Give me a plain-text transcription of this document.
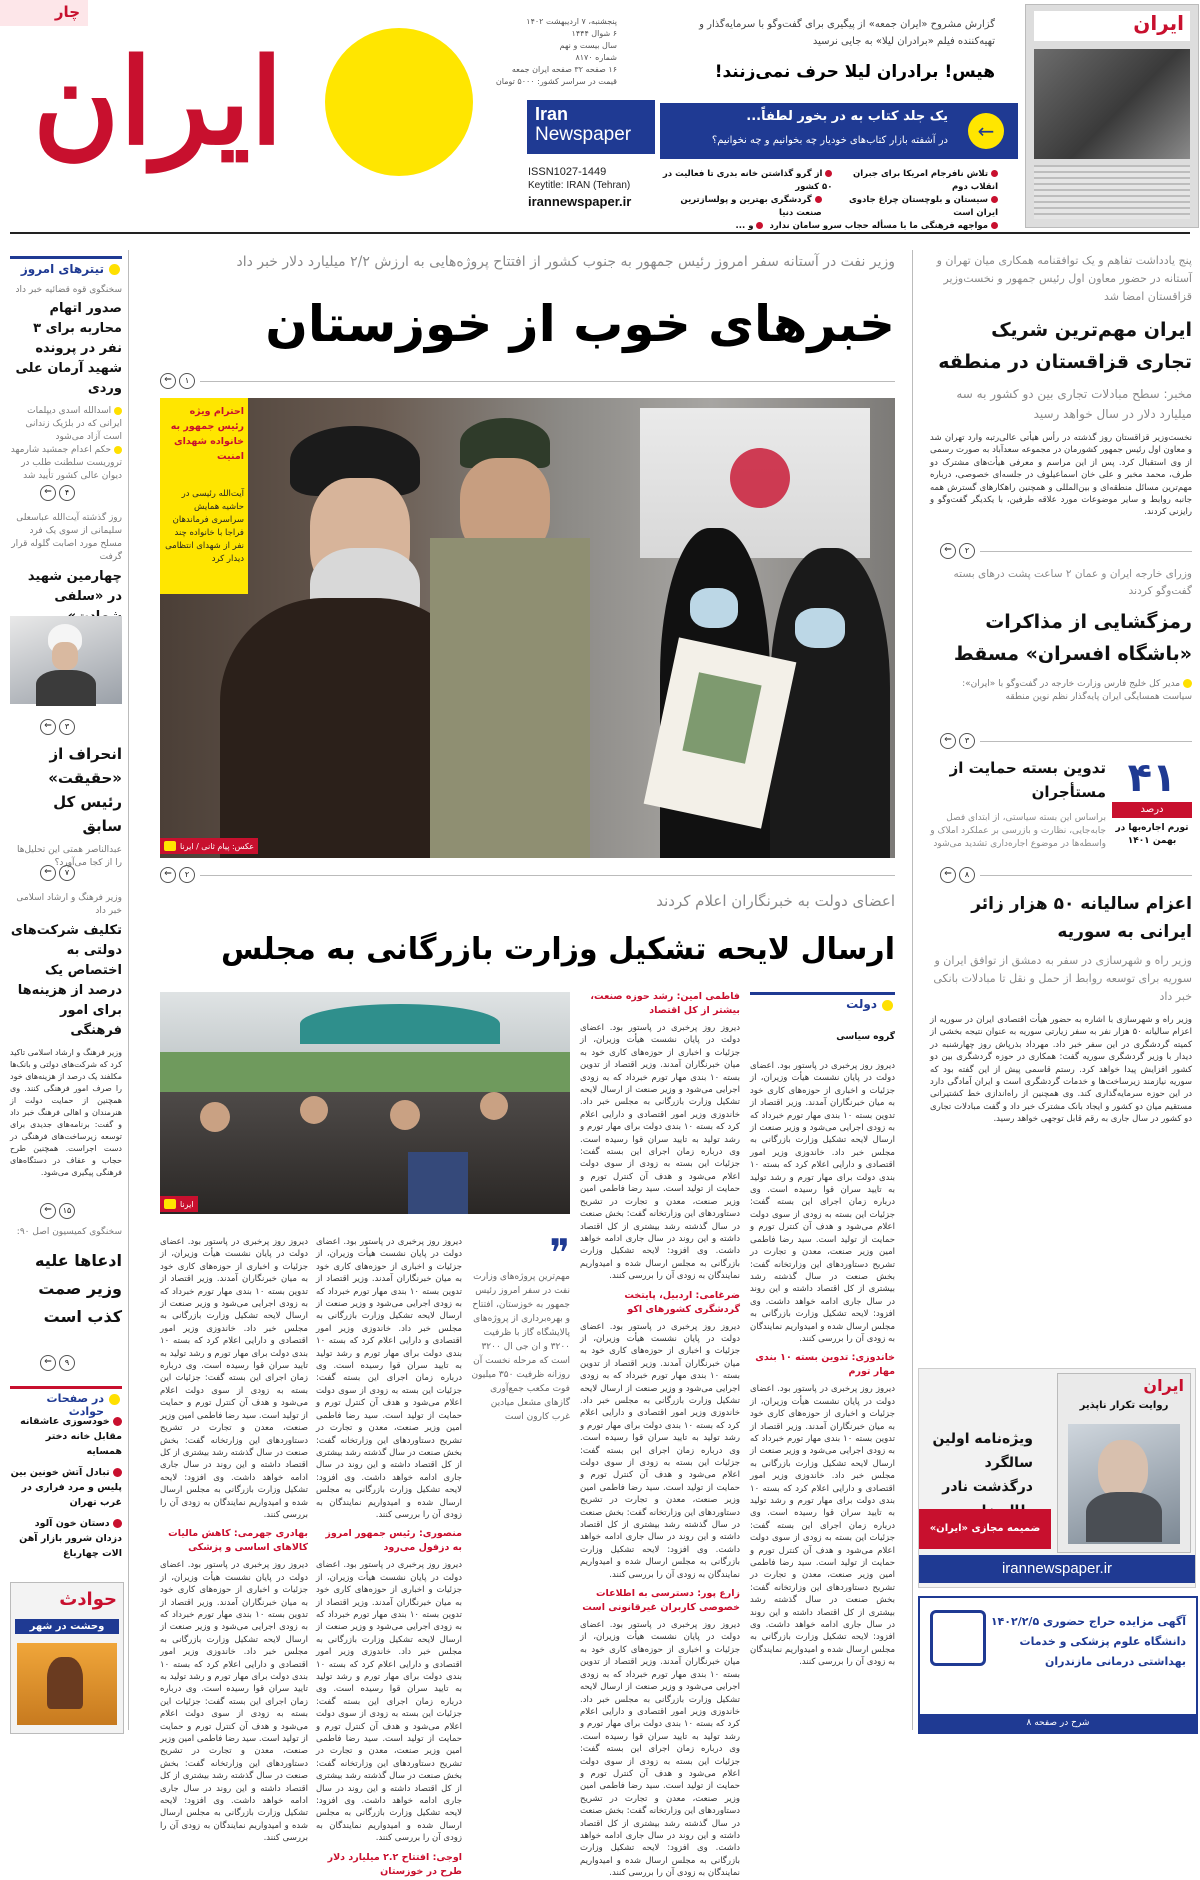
چار
ایران
پنجشنبه، ۷ اردیبهشت ۱۴۰۲
۶ شوال ۱۴۴۴
سال بیست و نهم
شماره ۸۱۷۰
۱۶ صفحه ۳۲ صفحه ایران جمعه
قیمت در سراسر کشور: ۵۰۰۰ تومان
Iran
Newspaper
ISSN1027-1449
Keytitle: IRAN (Tehran)
irannewspaper.ir
گزارش مشروح «ایران جمعه» از پیگیری برای گفت‌وگو با سرمایه‌گذار و تهیه‌کننده فیلم «برادران لیلا» به جایی نرسید
هیس! برادران لیلا حرف نمی‌زنند!
یک جلد کتاب به در بخور لطفاً...
در آشفته بازار کتاب‌های خودیار چه بخوانیم و چه نخوانیم؟	←
تلاش نافرجام امریکا برای جبران انقلاب دوم
از گرو گذاشتن خانه بدری تا فعالیت در ۵۰ کشور
سیستان و بلوچستان چراغ جادوی ایران است
گردشگری بهترین و پولسازترین صنعت دنیا
مواجهه فرهنگی ما با مسأله حجاب سرو سامان ندارد
و ...
ایران
تیترهای امروز
سخنگوی قوه قضائیه خبر داد
صدور اتهام محاربه برای ۳ نفر در پرونده شهید آرمان علی وردی
اسدالله اسدی دیپلمات ایرانی که در بلژیک زندانی است آزاد می‌شود
حکم اعدام جمشید شارمهد تروریست سلطنت طلب در دیوان عالی کشور تأیید شد
⇐	۴
روز گذشته آیت‌الله عباسعلی سلیمانی از سوی یک فرد مسلح مورد اصابت گلوله قرار گرفت
چهارمین شهید در «سلفی
⇐	۳
انحراف از «حقیقت» رئیس کل سابق
عبدالناصر همتی این تحلیل‌ها را از کجا می‌آورد؟
⇐	۷
وزیر فرهنگ و ارشاد اسلامی خبر داد
تکلیف شرکت‌های دولتی به اختصاص یک درصد از هزینه‌ها برای امور فرهنگی
وزیر فرهنگ و ارشاد اسلامی تاکید کرد که شرکت‌های دولتی و بانک‌ها مکلفند یک درصد از هزینه‌های خود را صرف امور فرهنگی کنند. وی همچنین از حمایت دولت از هنرمندان و اهالی فرهنگ خبر داد و گفت: برنامه‌های جدیدی برای توسعه زیرساخت‌های فرهنگی در دست اجراست. همچنین طرح حجاب و عفاف در دستگاه‌های فرهنگی پیگیری می‌شود.
⇐	۱۵
سخنگوی کمیسیون اصل ۹۰:
ادعاها علیه وزیر صمت کذب است
⇐	۹
در صفحات حوادث
خودسوزی عاشقانه مقابل خانه دختر همسایه
تبادل آتش خونین بین پلیس و مرد فراری در غرب تهران
دستان خون آلود دزدان شرور بازار آهن الات چهارباغ
حوادث
وحشت در شهر
وزیر نفت در آستانه سفر امروز رئیس جمهور به جنوب کشور از افتتاح پروژه‌هایی به ارزش ۲/۲ میلیارد دلار خبر داد
خبرهای خوب از خوزستان
⇐	۱
احترام ویژه رئیس جمهور به خانواده شهدای امنیت
آیت‌الله رئیسی در حاشیه همایش سراسری فرماندهان فراجا با خانواده چند نفر از شهدای انتظامی دیدار کرد
عکس: پیام ثانی / ایرنا
⇐	۲
اعضای دولت به خبرنگاران اعلام کردند
ارسال لایحه تشکیل وزارت بازرگانی به مجلس
ایرنا
دولت
گروه سیاسی
فاطمی امین: رشد حوزه صنعت، بیشتر از کل اقتصاد
دیروز روز پرخبری در پاستور بود. اعضای دولت در پایان نشست هیأت وزیران، از جزئیات و اخباری از حوزه‌های کاری خود به میان خبرنگاران آمدند. وزیر اقتصاد از تدوین بسته ۱۰ بندی مهار تورم خبرداد که به زودی اجرایی می‌شود و وزیر صنعت از ارسال لایحه تشکیل وزارت بازرگانی به مجلس خبر داد. خاندوزی وزیر امور اقتصادی و دارایی اعلام کرد که بسته ۱۰ بندی دولت برای مهار تورم و رشد تولید به تایید سران قوا رسیده است. وی درباره زمان اجرای این بسته گفت: جزئیات این بسته به زودی از سوی دولت اعلام می‌شود و هدف آن کنترل تورم و حمایت از تولید است. سید رضا فاطمی امین وزیر صنعت، معدن و تجارت در تشریح دستاوردهای این وزارتخانه گفت: بخش صنعت در سال گذشته رشد بیشتری از کل اقتصاد داشته و این روند در سال جاری ادامه خواهد داشت. وی افزود: لایحه تشکیل وزارت بازرگانی به مجلس ارسال شده و امیدواریم نمایندگان به زودی آن را بررسی کنند.
ضرغامی: اردبیل، پایتخت گردشگری کشورهای اکو
دیروز روز پرخبری در پاستور بود. اعضای دولت در پایان نشست هیأت وزیران، از جزئیات و اخباری از حوزه‌های کاری خود به میان خبرنگاران آمدند. وزیر اقتصاد از تدوین بسته ۱۰ بندی مهار تورم خبرداد که به زودی اجرایی می‌شود و وزیر صنعت از ارسال لایحه تشکیل وزارت بازرگانی به مجلس خبر داد. خاندوزی وزیر امور اقتصادی و دارایی اعلام کرد که بسته ۱۰ بندی دولت برای مهار تورم و رشد تولید به تایید سران قوا رسیده است. وی درباره زمان اجرای این بسته گفت: جزئیات این بسته به زودی از سوی دولت اعلام می‌شود و هدف آن کنترل تورم و حمایت از تولید است. سید رضا فاطمی امین وزیر صنعت، معدن و تجارت در تشریح دستاوردهای این وزارتخانه گفت: بخش صنعت در سال گذشته رشد بیشتری از کل اقتصاد داشته و این روند در سال جاری ادامه خواهد داشت. وی افزود: لایحه تشکیل وزارت بازرگانی به مجلس ارسال شده و امیدواریم نمایندگان به زودی آن را بررسی کنند.
زارع پور: دسترسی به اطلاعات خصوصی کاربران غیرقانونی است
دیروز روز پرخبری در پاستور بود. اعضای دولت در پایان نشست هیأت وزیران، از جزئیات و اخباری از حوزه‌های کاری خود به میان خبرنگاران آمدند. وزیر اقتصاد از تدوین بسته ۱۰ بندی مهار تورم خبرداد که به زودی اجرایی می‌شود و وزیر صنعت از ارسال لایحه تشکیل وزارت بازرگانی به مجلس خبر داد. خاندوزی وزیر امور اقتصادی و دارایی اعلام کرد که بسته ۱۰ بندی دولت برای مهار تورم و رشد تولید به تایید سران قوا رسیده است. وی درباره زمان اجرای این بسته گفت: جزئیات این بسته به زودی از سوی دولت اعلام می‌شود و هدف آن کنترل تورم و حمایت از تولید است. سید رضا فاطمی امین وزیر صنعت، معدن و تجارت در تشریح دستاوردهای این وزارتخانه گفت: بخش صنعت در سال گذشته رشد بیشتری از کل اقتصاد داشته و این روند در سال جاری ادامه خواهد داشت. وی افزود: لایحه تشکیل وزارت بازرگانی به مجلس ارسال شده و امیدواریم نمایندگان به زودی آن را بررسی کنند.
دیروز روز پرخبری در پاستور بود. اعضای دولت در پایان نشست هیأت وزیران، از جزئیات و اخباری از حوزه‌های کاری خود به میان خبرنگاران آمدند. وزیر اقتصاد از تدوین بسته ۱۰ بندی مهار تورم خبرداد که به زودی اجرایی می‌شود و وزیر صنعت از ارسال لایحه تشکیل وزارت بازرگانی به مجلس خبر داد. خاندوزی وزیر امور اقتصادی و دارایی اعلام کرد که بسته ۱۰ بندی دولت برای مهار تورم و رشد تولید به تایید سران قوا رسیده است. وی درباره زمان اجرای این بسته گفت: جزئیات این بسته به زودی از سوی دولت اعلام می‌شود و هدف آن کنترل تورم و حمایت از تولید است. سید رضا فاطمی امین وزیر صنعت، معدن و تجارت در تشریح دستاوردهای این وزارتخانه گفت: بخش صنعت در سال گذشته رشد بیشتری از کل اقتصاد داشته و این روند در سال جاری ادامه خواهد داشت. وی افزود: لایحه تشکیل وزارت بازرگانی به مجلس ارسال شده و امیدواریم نمایندگان به زودی آن را بررسی کنند.
خاندوزی: تدوین بسته ۱۰ بندی مهار تورم
دیروز روز پرخبری در پاستور بود. اعضای دولت در پایان نشست هیأت وزیران، از جزئیات و اخباری از حوزه‌های کاری خود به میان خبرنگاران آمدند. وزیر اقتصاد از تدوین بسته ۱۰ بندی مهار تورم خبرداد که به زودی اجرایی می‌شود و وزیر صنعت از ارسال لایحه تشکیل وزارت بازرگانی به مجلس خبر داد. خاندوزی وزیر امور اقتصادی و دارایی اعلام کرد که بسته ۱۰ بندی دولت برای مهار تورم و رشد تولید به تایید سران قوا رسیده است. وی درباره زمان اجرای این بسته گفت: جزئیات این بسته به زودی از سوی دولت اعلام می‌شود و هدف آن کنترل تورم و حمایت از تولید است. سید رضا فاطمی امین وزیر صنعت، معدن و تجارت در تشریح دستاوردهای این وزارتخانه گفت: بخش صنعت در سال گذشته رشد بیشتری از کل اقتصاد داشته و این روند در سال جاری ادامه خواهد داشت. وی افزود: لایحه تشکیل وزارت بازرگانی به مجلس ارسال شده و امیدواریم نمایندگان به زودی آن را بررسی کنند.
❞
مهم‌ترین پروژه‌های وزارت نفت در سفر امروز رئیس جمهور به خوزستان، افتتاح و بهره‌برداری از پروژه‌های پالایشگاه گاز با ظرفیت ۳۲۰۰ و ان جی ال ۳۲۰۰ است که مرحله نخست آن روزانه ظرفیت ۳۵۰ میلیون فوت مکعب جمع‌آوری گازهای مشعل میادین غرب کارون است
دیروز روز پرخبری در پاستور بود. اعضای دولت در پایان نشست هیأت وزیران، از جزئیات و اخباری از حوزه‌های کاری خود به میان خبرنگاران آمدند. وزیر اقتصاد از تدوین بسته ۱۰ بندی مهار تورم خبرداد که به زودی اجرایی می‌شود و وزیر صنعت از ارسال لایحه تشکیل وزارت بازرگانی به مجلس خبر داد. خاندوزی وزیر امور اقتصادی و دارایی اعلام کرد که بسته ۱۰ بندی دولت برای مهار تورم و رشد تولید به تایید سران قوا رسیده است. وی درباره زمان اجرای این بسته گفت: جزئیات این بسته به زودی از سوی دولت اعلام می‌شود و هدف آن کنترل تورم و حمایت از تولید است. سید رضا فاطمی امین وزیر صنعت، معدن و تجارت در تشریح دستاوردهای این وزارتخانه گفت: بخش صنعت در سال گذشته رشد بیشتری از کل اقتصاد داشته و این روند در سال جاری ادامه خواهد داشت. وی افزود: لایحه تشکیل وزارت بازرگانی به مجلس ارسال شده و امیدواریم نمایندگان به زودی آن را بررسی کنند.
بهادری جهرمی: کاهش مالیات کالاهای اساسی و پزشکی
دیروز روز پرخبری در پاستور بود. اعضای دولت در پایان نشست هیأت وزیران، از جزئیات و اخباری از حوزه‌های کاری خود به میان خبرنگاران آمدند. وزیر اقتصاد از تدوین بسته ۱۰ بندی مهار تورم خبرداد که به زودی اجرایی می‌شود و وزیر صنعت از ارسال لایحه تشکیل وزارت بازرگانی به مجلس خبر داد. خاندوزی وزیر امور اقتصادی و دارایی اعلام کرد که بسته ۱۰ بندی دولت برای مهار تورم و رشد تولید به تایید سران قوا رسیده است. وی درباره زمان اجرای این بسته گفت: جزئیات این بسته به زودی از سوی دولت اعلام می‌شود و هدف آن کنترل تورم و حمایت از تولید است. سید رضا فاطمی امین وزیر صنعت، معدن و تجارت در تشریح دستاوردهای این وزارتخانه گفت: بخش صنعت در سال گذشته رشد بیشتری از کل اقتصاد داشته و این روند در سال جاری ادامه خواهد داشت. وی افزود: لایحه تشکیل وزارت بازرگانی به مجلس ارسال شده و امیدواریم نمایندگان به زودی آن را بررسی کنند.
دیروز روز پرخبری در پاستور بود. اعضای دولت در پایان نشست هیأت وزیران، از جزئیات و اخباری از حوزه‌های کاری خود به میان خبرنگاران آمدند. وزیر اقتصاد از تدوین بسته ۱۰ بندی مهار تورم خبرداد که به زودی اجرایی می‌شود و وزیر صنعت از ارسال لایحه تشکیل وزارت بازرگانی به مجلس خبر داد. خاندوزی وزیر امور اقتصادی و دارایی اعلام کرد که بسته ۱۰ بندی دولت برای مهار تورم و رشد تولید به تایید سران قوا رسیده است. وی درباره زمان اجرای این بسته گفت: جزئیات این بسته به زودی از سوی دولت اعلام می‌شود و هدف آن کنترل تورم و حمایت از تولید است. سید رضا فاطمی امین وزیر صنعت، معدن و تجارت در تشریح دستاوردهای این وزارتخانه گفت: بخش صنعت در سال گذشته رشد بیشتری از کل اقتصاد داشته و این روند در سال جاری ادامه خواهد داشت. وی افزود: لایحه تشکیل وزارت بازرگانی به مجلس ارسال شده و امیدواریم نمایندگان به زودی آن را بررسی کنند.
منصوری: رئیس جمهور امروز به دزفول می‌رود
دیروز روز پرخبری در پاستور بود. اعضای دولت در پایان نشست هیأت وزیران، از جزئیات و اخباری از حوزه‌های کاری خود به میان خبرنگاران آمدند. وزیر اقتصاد از تدوین بسته ۱۰ بندی مهار تورم خبرداد که به زودی اجرایی می‌شود و وزیر صنعت از ارسال لایحه تشکیل وزارت بازرگانی به مجلس خبر داد. خاندوزی وزیر امور اقتصادی و دارایی اعلام کرد که بسته ۱۰ بندی دولت برای مهار تورم و رشد تولید به تایید سران قوا رسیده است. وی درباره زمان اجرای این بسته گفت: جزئیات این بسته به زودی از سوی دولت اعلام می‌شود و هدف آن کنترل تورم و حمایت از تولید است. سید رضا فاطمی امین وزیر صنعت، معدن و تجارت در تشریح دستاوردهای این وزارتخانه گفت: بخش صنعت در سال گذشته رشد بیشتری از کل اقتصاد داشته و این روند در سال جاری ادامه خواهد داشت. وی افزود: لایحه تشکیل وزارت بازرگانی به مجلس ارسال شده و امیدواریم نمایندگان به زودی آن را بررسی کنند.
اوجی: افتتاح ۲.۲ میلیارد دلار طرح در خوزستان
پنج یادداشت تفاهم و یک توافقنامه همکاری میان تهران و آستانه در حضور معاون اول رئیس جمهور و نخست‌وزیر قزاقستان امضا شد
ایران مهم‌ترین شریک تجاری قزاقستان در منطقه
مخبر: سطح مبادلات تجاری بین دو کشور به سه میلیارد دلار در سال خواهد رسید
نخست‌وزیر قزاقستان روز گذشته در رأس هیأتی عالی‌رتبه وارد تهران شد و معاون اول رئیس جمهور کشورمان در مجموعه سعدآباد به صورت رسمی از وی استقبال کرد. پس از این مراسم و معرفی هیأت‌های مشترک دو طرف، محمد مخبر و علی خان اسماعیلوف در جلسه‌ای خصوصی، درباره مهم‌ترین مسائل منطقه‌ای و بین‌المللی و همچنین راهکارهای گسترش همه جانبه روابط و سایر موضوعات مورد علاقه طرفین، با یکدیگر گفت‌وگو و رایزنی کردند.
⇐	۲
وزرای خارجه ایران و عمان ۲ ساعت پشت درهای بسته گفت‌وگو کردند
رمزگشایی از مذاکرات «باشگاه افسران» مسقط
مدیر کل خلیج فارس وزارت خارجه در گفت‌وگو با «ایران»: سیاست همسایگی ایران پایه‌گذار نظم نوین منطقه
⇐	۳
۴۱
درصد
تورم اجاره‌بها در بهمن ۱۴۰۱
تدوین بسته حمایت از مستأجران
براساس این بسته سیاستی، از ابتدای فصل جابه‌جایی، نظارت و بازرسی بر عملکرد املاک و واسطه‌ها در موضوع اجاره‌داری تشدید می‌شود
⇐	۸
اعزام سالیانه ۵۰ هزار زائر ایرانی به سوریه
وزیر راه و شهرسازی در سفر به دمشق از توافق ایران و سوریه برای توسعه روابط از حمل و نقل تا مبادلات بانکی خبر داد
وزیر راه و شهرسازی با اشاره به حضور هیأت اقتصادی ایران در سوریه از اعزام سالیانه ۵۰ هزار نفر به سفر زیارتی سوریه به عنوان نتیجه بخشی از کمیته گردشگری در این سفر خبر داد. مهرداد بذرپاش روز چهارشنبه در دیدار با وزیر گردشگری سوریه گفت: همکاری در حوزه گردشگری بین دو کشور افزایش پیدا خواهد کرد. رستم قاسمی پیش از این گفته بود که سوریه نیازمند زیرساخت‌ها و خدمات گردشگری است و ایران آمادگی دارد در این حوزه سرمایه‌گذاری کند. وی همچنین از راه‌اندازی خط کشتیرانی مستقیم میان دو کشور و ایجاد بانک مشترک خبر داد و گفت مبادلات تجاری دو کشور در سال جاری به رقم قابل توجهی خواهد رسید.
ویژه‌نامه اولین سالگرد درگذشت نادر
ضمیمه مجازی «ایران»
irannewspaper.ir
ایران
روایت تکرار ناپذیر
آگهی مزایده حراج حضوری ۱۴۰۲/۲/۵ دانشگاه علوم پزشکی و خدمات بهداشتی درمانی مازندران
شرح در صفحه ۸
